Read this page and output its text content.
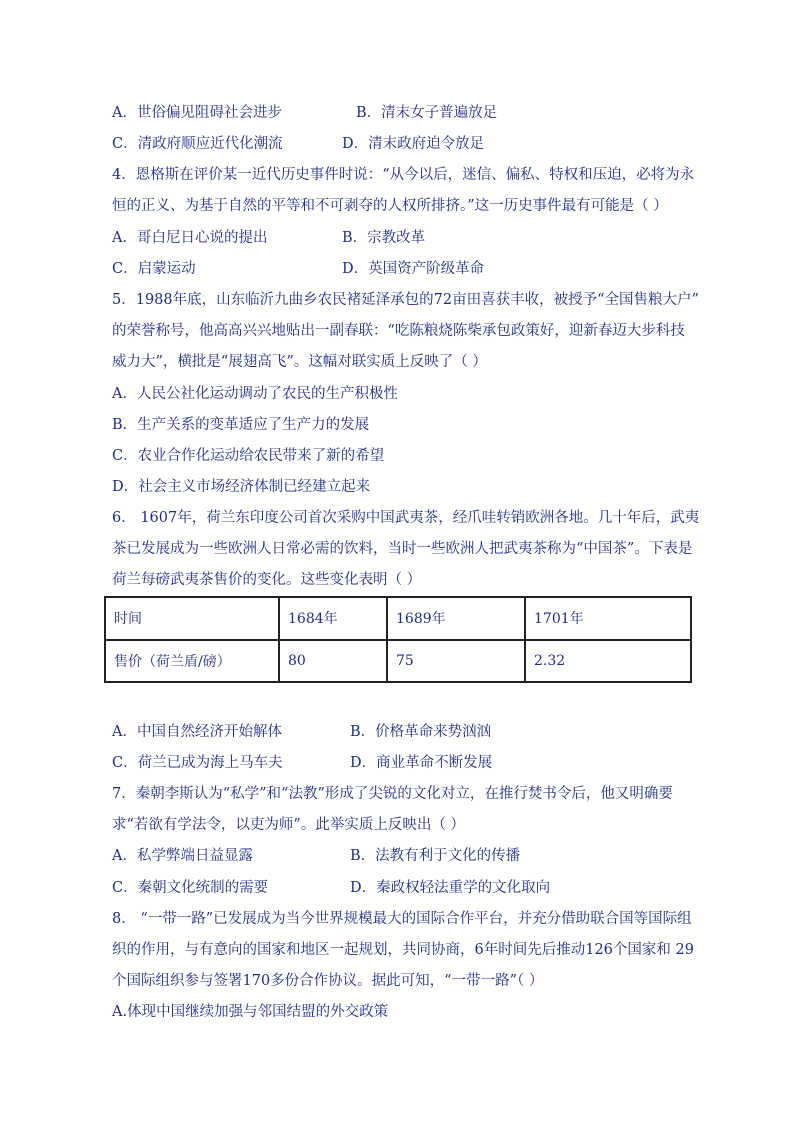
A．世俗偏见阻碍社会进步	B．清末女子普遍放足
C．清政府顺应近代化潮流	D．清末政府迫令放足
4．恩格斯在评价某一近代历史事件时说：“从今以后，迷信、偏私、特权和压迫，必将为永
恒的正义、为基于自然的平等和不可剥夺的人权所排挤。”这一历史事件最有可能是（ ）
A．哥白尼日心说的提出	B．宗教改革
C．启蒙运动	D．英国资产阶级革命
5．1988年底，山东临沂九曲乡农民褚延泽承包的72亩田喜获丰收，被授予“全国售粮大户”
的荣誉称号，他高高兴兴地贴出一副春联：“吃陈粮烧陈柴承包政策好，迎新春迈大步科技
威力大”，横批是“展翅高飞”。这幅对联实质上反映了（ ）
A．人民公社化运动调动了农民的生产积极性
B．生产关系的变革适应了生产力的发展
C．农业合作化运动给农民带来了新的希望
D．社会主义市场经济体制已经建立起来
6． 1607年，荷兰东印度公司首次采购中国武夷茶，经爪哇转销欧洲各地。几十年后，武夷
茶已发展成为一些欧洲人日常必需的饮料，当时一些欧洲人把武夷茶称为“中国茶”。下表是
荷兰每磅武夷茶售价的变化。这些变化表明（ ）
时间	1684年	1689年	1701年
售价（荷兰盾/磅）	80	75	2.32
A．中国自然经济开始解体	B．价格革命来势汹汹
C．荷兰已成为海上马车夫	D．商业革命不断发展
7．秦朝李斯认为“私学”和“法教”形成了尖锐的文化对立，在推行焚书令后，他又明确要
求“若欲有学法令，以吏为师”。此举实质上反映出（ ）
A．私学弊端日益显露	B．法教有利于文化的传播
C．秦朝文化统制的需要	D．秦政权轻法重学的文化取向
8． “一带一路”已发展成为当今世界规模最大的国际合作平台，并充分借助联合国等国际组
织的作用，与有意向的国家和地区一起规划，共同协商，6年时间先后推动126个国家和 29
个国际组织参与签署170多份合作协议。据此可知，“一带一路”（ ）
A.体现中国继续加强与邻国结盟的外交政策
